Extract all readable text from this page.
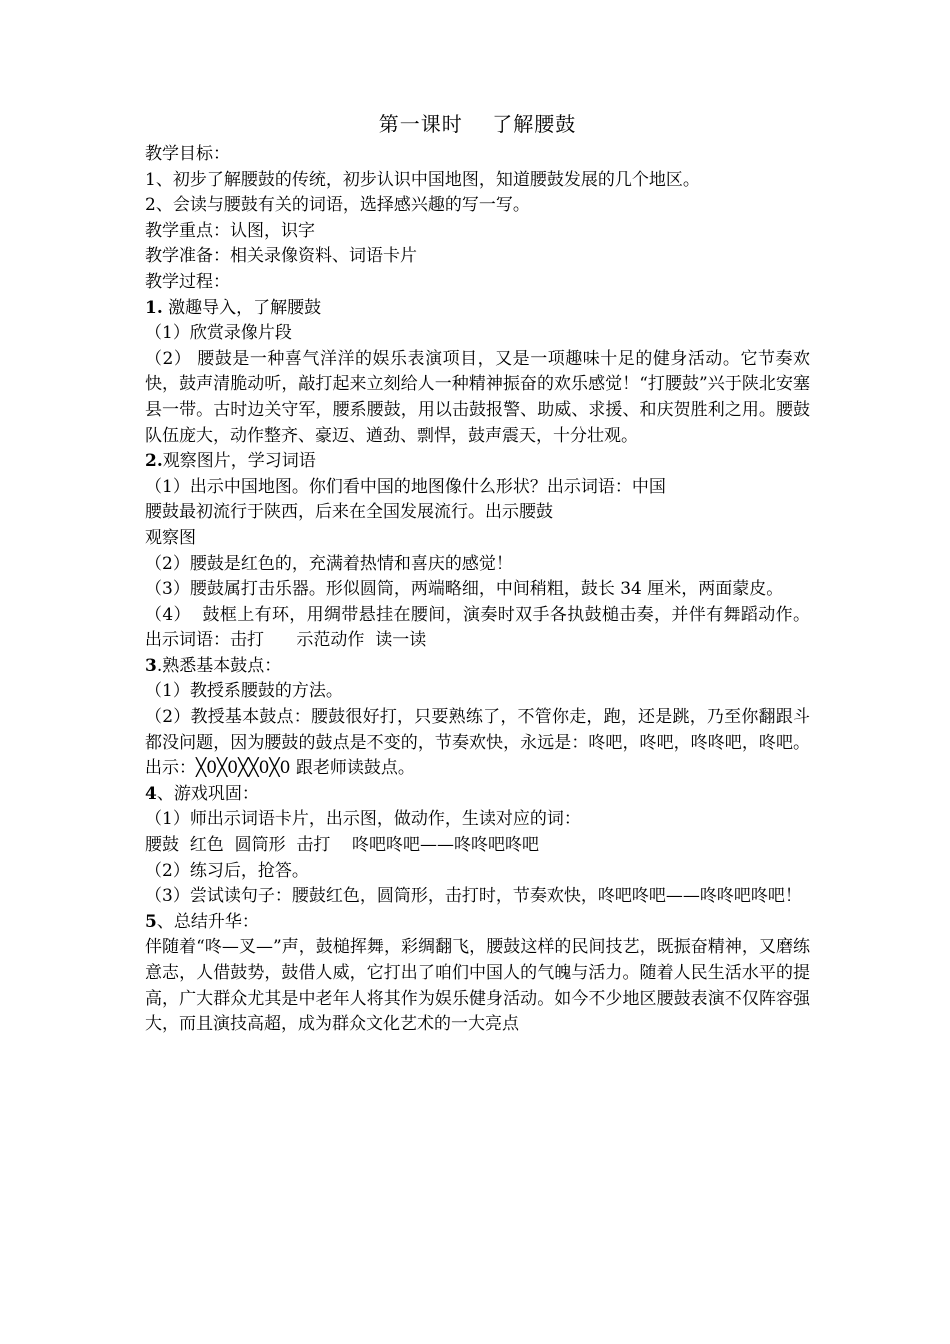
第一课时    了解腰鼓

教学目标：

1、初步了解腰鼓的传统，初步认识中国地图，知道腰鼓发展的几个地区。

2、会读与腰鼓有关的词语，选择感兴趣的写一写。

教学重点：认图，识字

教学准备：相关录像资料、词语卡片

教学过程：

1. 激趣导入，了解腰鼓

（1）欣赏录像片段

（2） 腰鼓是一种喜气洋洋的娱乐表演项目，又是一项趣味十足的健身活动。它节奏欢快，鼓声清脆动听，敲打起来立刻给人一种精神振奋的欢乐感觉！“打腰鼓”兴于陕北安塞县一带。古时边关守军，腰系腰鼓，用以击鼓报警、助威、求援、和庆贺胜利之用。腰鼓队伍庞大，动作整齐、豪迈、遒劲、剽悍，鼓声震天，十分壮观。

2.观察图片，学习词语

（1）出示中国地图。你们看中国的地图像什么形状？出示词语：中国

腰鼓最初流行于陕西，后来在全国发展流行。出示腰鼓

观察图

（2）腰鼓是红色的，充满着热情和喜庆的感觉！

（3）腰鼓属打击乐器。形似圆筒，两端略细，中间稍粗，鼓长 34 厘米，两面蒙皮。

（4）  鼓框上有环，用绸带悬挂在腰间，演奏时双手各执鼓槌击奏，并伴有舞蹈动作。出示词语：击打      示范动作  读一读

3.熟悉基本鼓点：

（1）教授系腰鼓的方法。

（2）教授基本鼓点：腰鼓很好打，只要熟练了，不管你走，跑，还是跳，乃至你翻跟斗都没问题，因为腰鼓的鼓点是不变的，节奏欢快，永远是：咚吧，咚吧，咚咚吧，咚吧。出示：╳0╳0╳╳0╳0 跟老师读鼓点。

4、游戏巩固：

（1）师出示词语卡片，出示图，做动作，生读对应的词：

腰鼓  红色  圆筒形  击打    咚吧咚吧——咚咚吧咚吧

（2）练习后，抢答。

（3）尝试读句子：腰鼓红色，圆筒形，击打时，节奏欢快，咚吧咚吧——咚咚吧咚吧！

5、总结升华：

伴随着“咚—叉—”声，鼓槌挥舞，彩绸翻飞，腰鼓这样的民间技艺，既振奋精神，又磨练意志，人借鼓势，鼓借人威，它打出了咱们中国人的气魄与活力。随着人民生活水平的提高，广大群众尤其是中老年人将其作为娱乐健身活动。如今不少地区腰鼓表演不仅阵容强大，而且演技高超，成为群众文化艺术的一大亮点
